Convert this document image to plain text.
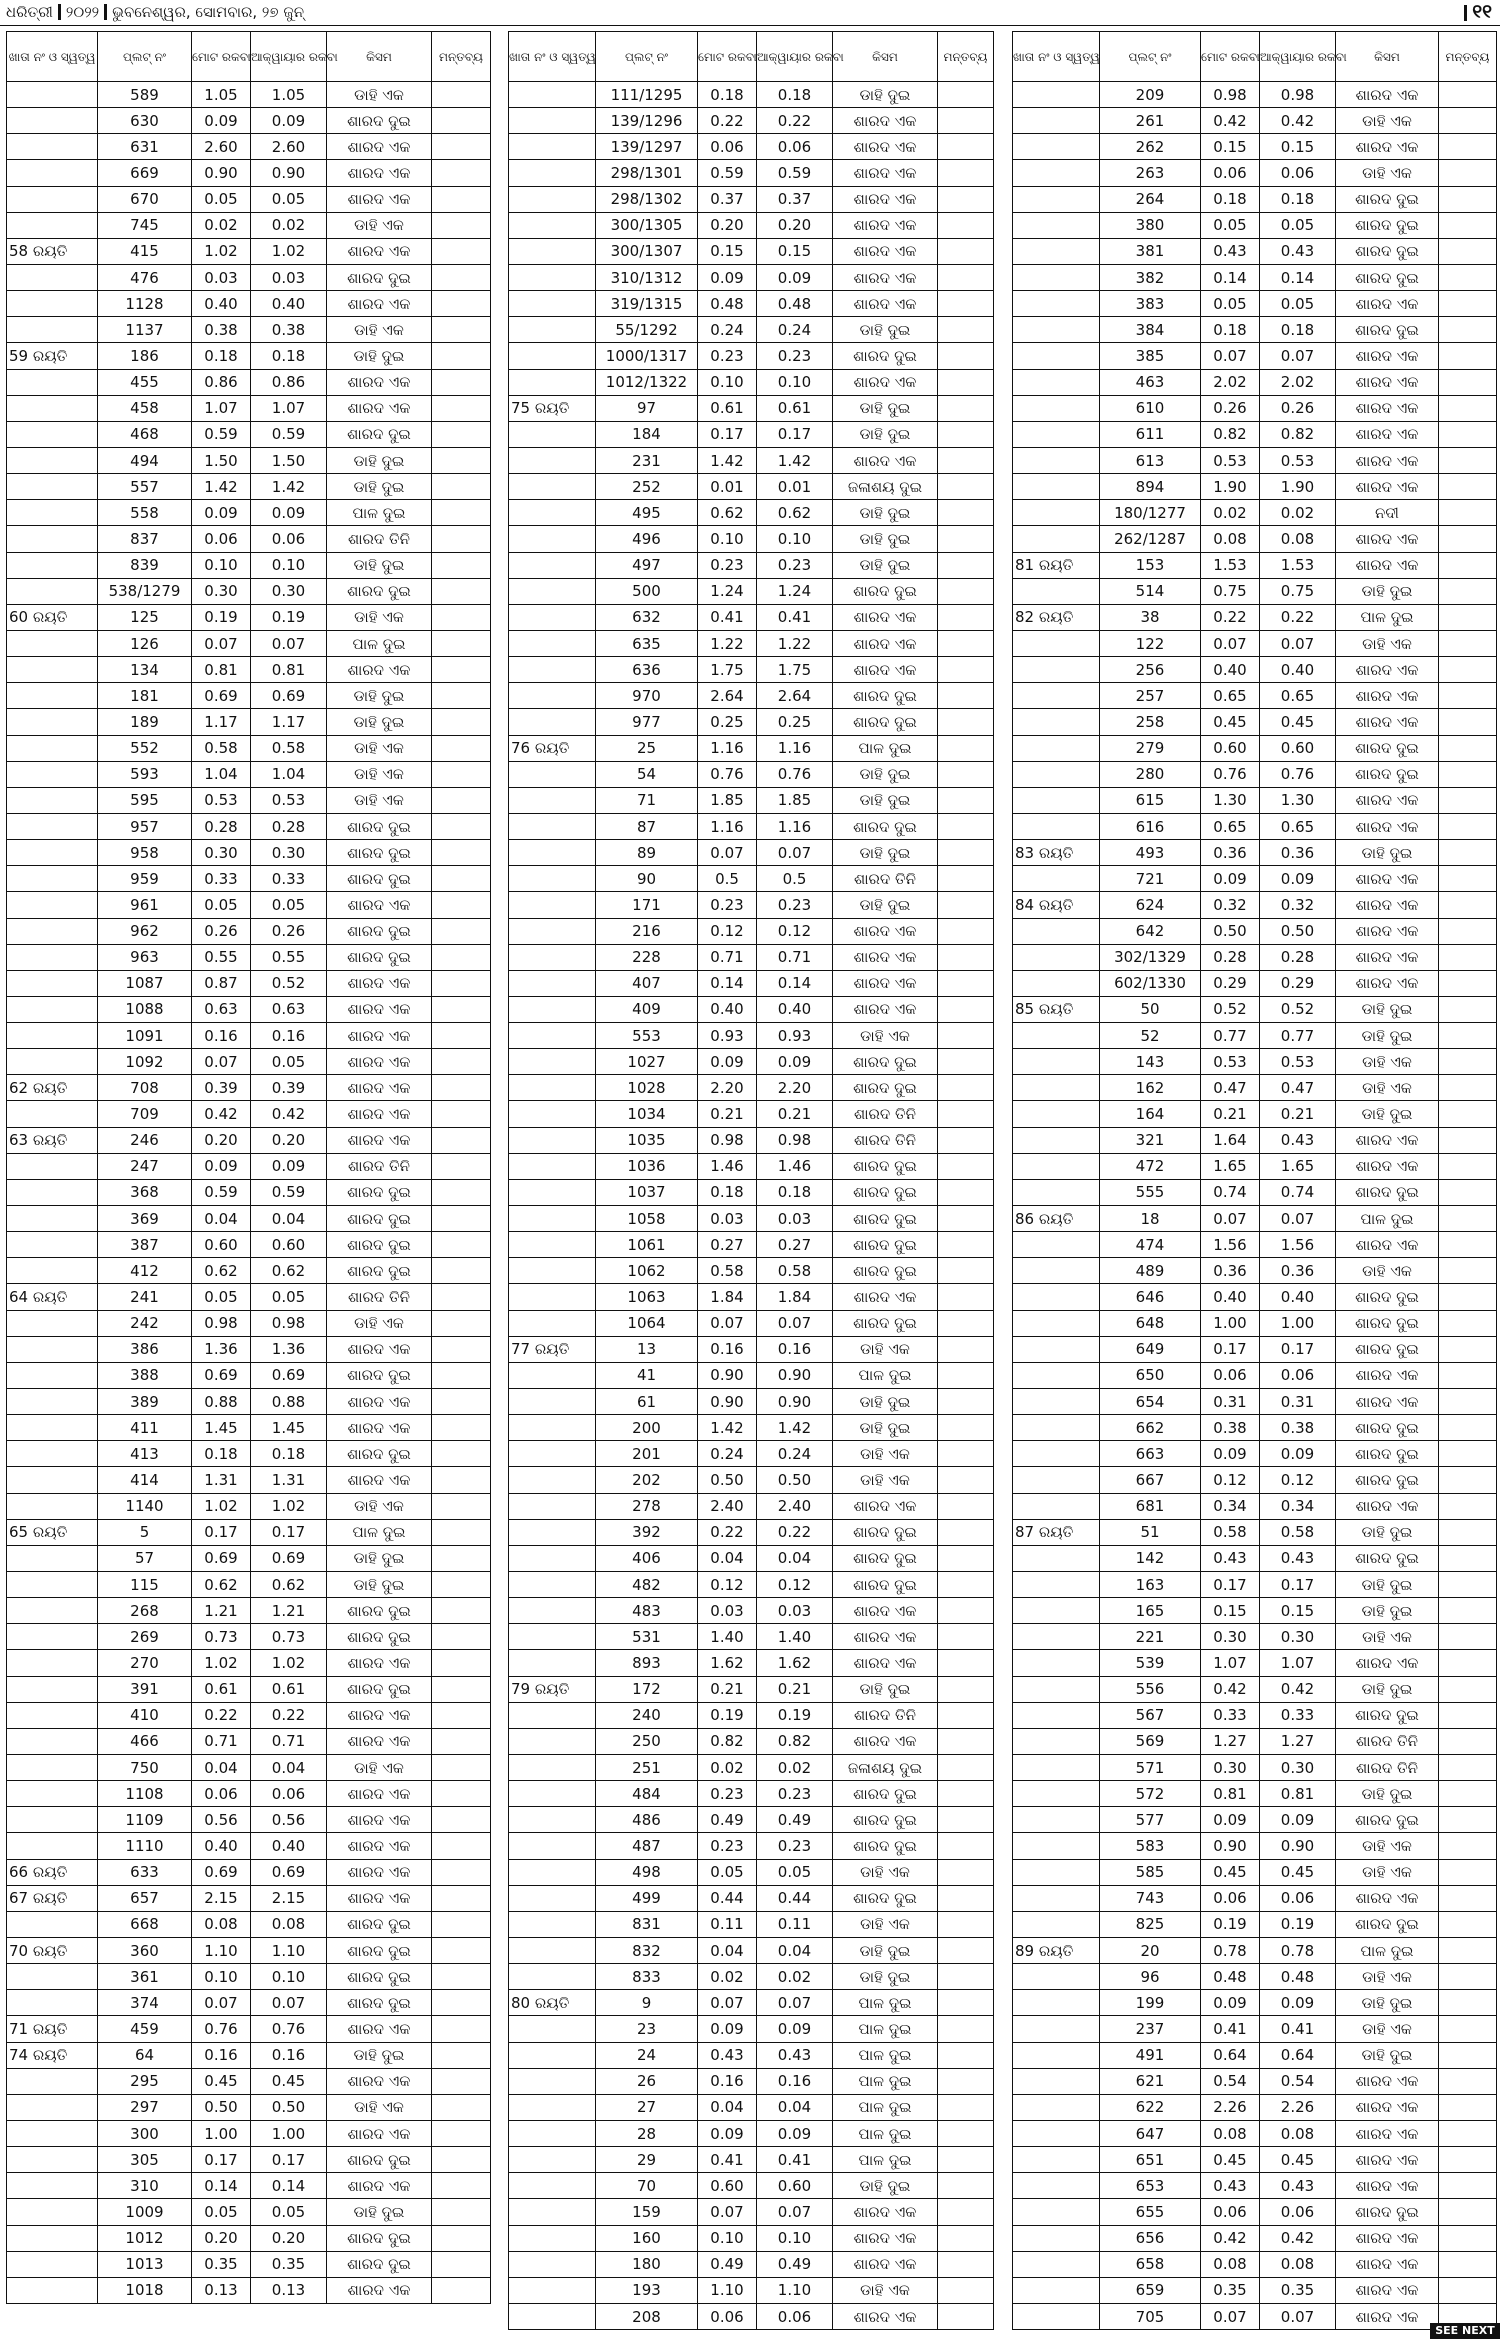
ଧରିତ୍ରୀ ୨୦୨୨ ଭୁବନେଶ୍ୱର, ସୋମବାର, ୨୭ ଜୁନ୍	୧୧
ଖାତା ନଂ ଓ ସ୍ୱତ୍ୱ	ପ୍ଲଟ୍ ନଂ	ମୋଟ ରକବା	ଆକ୍ୱାୟାର ରକବା	କିସମ	ମନ୍ତବ୍ୟ
	589	1.05	1.05	ଡାହି ଏକ	
	630	0.09	0.09	ଶାରଦ ଦୁଇ	
	631	2.60	2.60	ଶାରଦ ଏକ	
	669	0.90	0.90	ଶାରଦ ଏକ	
	670	0.05	0.05	ଶାରଦ ଏକ	
	745	0.02	0.02	ଡାହି ଏକ	
58 ରୟତି	415	1.02	1.02	ଶାରଦ ଏକ	
	476	0.03	0.03	ଶାରଦ ଦୁଇ	
	1128	0.40	0.40	ଶାରଦ ଏକ	
	1137	0.38	0.38	ଡାହି ଏକ	
59 ରୟତି	186	0.18	0.18	ଡାହି ଦୁଇ	
	455	0.86	0.86	ଶାରଦ ଏକ	
	458	1.07	1.07	ଶାରଦ ଏକ	
	468	0.59	0.59	ଶାରଦ ଦୁଇ	
	494	1.50	1.50	ଡାହି ଦୁଇ	
	557	1.42	1.42	ଡାହି ଦୁଇ	
	558	0.09	0.09	ପାଳ ଦୁଇ	
	837	0.06	0.06	ଶାରଦ ତିନି	
	839	0.10	0.10	ଡାହି ଦୁଇ	
	538/1279	0.30	0.30	ଶାରଦ ଦୁଇ	
60 ରୟତି	125	0.19	0.19	ଡାହି ଏକ	
	126	0.07	0.07	ପାଳ ଦୁଇ	
	134	0.81	0.81	ଶାରଦ ଏକ	
	181	0.69	0.69	ଡାହି ଦୁଇ	
	189	1.17	1.17	ଡାହି ଦୁଇ	
	552	0.58	0.58	ଡାହି ଏକ	
	593	1.04	1.04	ଡାହି ଏକ	
	595	0.53	0.53	ଡାହି ଏକ	
	957	0.28	0.28	ଶାରଦ ଦୁଇ	
	958	0.30	0.30	ଶାରଦ ଦୁଇ	
	959	0.33	0.33	ଶାରଦ ଦୁଇ	
	961	0.05	0.05	ଶାରଦ ଏକ	
	962	0.26	0.26	ଶାରଦ ଦୁଇ	
	963	0.55	0.55	ଶାରଦ ଦୁଇ	
	1087	0.87	0.52	ଶାରଦ ଏକ	
	1088	0.63	0.63	ଶାରଦ ଏକ	
	1091	0.16	0.16	ଶାରଦ ଏକ	
	1092	0.07	0.05	ଶାରଦ ଏକ	
62 ରୟତି	708	0.39	0.39	ଶାରଦ ଏକ	
	709	0.42	0.42	ଶାରଦ ଏକ	
63 ରୟତି	246	0.20	0.20	ଶାରଦ ଏକ	
	247	0.09	0.09	ଶାରଦ ତିନି	
	368	0.59	0.59	ଶାରଦ ଦୁଇ	
	369	0.04	0.04	ଶାରଦ ଦୁଇ	
	387	0.60	0.60	ଶାରଦ ଦୁଇ	
	412	0.62	0.62	ଶାରଦ ଦୁଇ	
64 ରୟତି	241	0.05	0.05	ଶାରଦ ତିନି	
	242	0.98	0.98	ଡାହି ଏକ	
	386	1.36	1.36	ଶାରଦ ଏକ	
	388	0.69	0.69	ଶାରଦ ଦୁଇ	
	389	0.88	0.88	ଶାରଦ ଏକ	
	411	1.45	1.45	ଶାରଦ ଏକ	
	413	0.18	0.18	ଶାରଦ ଦୁଇ	
	414	1.31	1.31	ଶାରଦ ଏକ	
	1140	1.02	1.02	ଡାହି ଏକ	
65 ରୟତି	5	0.17	0.17	ପାଳ ଦୁଇ	
	57	0.69	0.69	ଡାହି ଦୁଇ	
	115	0.62	0.62	ଡାହି ଦୁଇ	
	268	1.21	1.21	ଶାରଦ ଦୁଇ	
	269	0.73	0.73	ଶାରଦ ଦୁଇ	
	270	1.02	1.02	ଶାରଦ ଏକ	
	391	0.61	0.61	ଶାରଦ ଦୁଇ	
	410	0.22	0.22	ଶାରଦ ଏକ	
	466	0.71	0.71	ଶାରଦ ଏକ	
	750	0.04	0.04	ଡାହି ଏକ	
	1108	0.06	0.06	ଶାରଦ ଏକ	
	1109	0.56	0.56	ଶାରଦ ଏକ	
	1110	0.40	0.40	ଶାରଦ ଏକ	
66 ରୟତି	633	0.69	0.69	ଶାରଦ ଏକ	
67 ରୟତି	657	2.15	2.15	ଶାରଦ ଏକ	
	668	0.08	0.08	ଶାରଦ ଦୁଇ	
70 ରୟତି	360	1.10	1.10	ଶାରଦ ଦୁଇ	
	361	0.10	0.10	ଶାରଦ ଦୁଇ	
	374	0.07	0.07	ଶାରଦ ଦୁଇ	
71 ରୟତି	459	0.76	0.76	ଶାରଦ ଏକ	
74 ରୟତି	64	0.16	0.16	ଡାହି ଦୁଇ	
	295	0.45	0.45	ଶାରଦ ଏକ	
	297	0.50	0.50	ଡାହି ଏକ	
	300	1.00	1.00	ଶାରଦ ଏକ	
	305	0.17	0.17	ଶାରଦ ଦୁଇ	
	310	0.14	0.14	ଶାରଦ ଏକ	
	1009	0.05	0.05	ଡାହି ଦୁଇ	
	1012	0.20	0.20	ଶାରଦ ଦୁଇ	
	1013	0.35	0.35	ଶାରଦ ଦୁଇ	
	1018	0.13	0.13	ଶାରଦ ଏକ	
ଖାତା ନଂ ଓ ସ୍ୱତ୍ୱ	ପ୍ଲଟ୍ ନଂ	ମୋଟ ରକବା	ଆକ୍ୱାୟାର ରକବା	କିସମ	ମନ୍ତବ୍ୟ
	111/1295	0.18	0.18	ଡାହି ଦୁଇ	
	139/1296	0.22	0.22	ଶାରଦ ଏକ	
	139/1297	0.06	0.06	ଶାରଦ ଏକ	
	298/1301	0.59	0.59	ଶାରଦ ଏକ	
	298/1302	0.37	0.37	ଶାରଦ ଏକ	
	300/1305	0.20	0.20	ଶାରଦ ଏକ	
	300/1307	0.15	0.15	ଶାରଦ ଏକ	
	310/1312	0.09	0.09	ଶାରଦ ଏକ	
	319/1315	0.48	0.48	ଶାରଦ ଏକ	
	55/1292	0.24	0.24	ଡାହି ଦୁଇ	
	1000/1317	0.23	0.23	ଶାରଦ ଦୁଇ	
	1012/1322	0.10	0.10	ଶାରଦ ଏକ	
75 ରୟତି	97	0.61	0.61	ଡାହି ଦୁଇ	
	184	0.17	0.17	ଡାହି ଦୁଇ	
	231	1.42	1.42	ଶାରଦ ଏକ	
	252	0.01	0.01	ଜଳାଶୟ ଦୁଇ	
	495	0.62	0.62	ଡାହି ଦୁଇ	
	496	0.10	0.10	ଡାହି ଦୁଇ	
	497	0.23	0.23	ଡାହି ଦୁଇ	
	500	1.24	1.24	ଶାରଦ ଦୁଇ	
	632	0.41	0.41	ଶାରଦ ଏକ	
	635	1.22	1.22	ଶାରଦ ଏକ	
	636	1.75	1.75	ଶାରଦ ଏକ	
	970	2.64	2.64	ଶାରଦ ଦୁଇ	
	977	0.25	0.25	ଶାରଦ ଦୁଇ	
76 ରୟତି	25	1.16	1.16	ପାଳ ଦୁଇ	
	54	0.76	0.76	ଡାହି ଦୁଇ	
	71	1.85	1.85	ଡାହି ଦୁଇ	
	87	1.16	1.16	ଶାରଦ ଦୁଇ	
	89	0.07	0.07	ଡାହି ଦୁଇ	
	90	0.5	0.5	ଶାରଦ ତିନି	
	171	0.23	0.23	ଡାହି ଦୁଇ	
	216	0.12	0.12	ଶାରଦ ଏକ	
	228	0.71	0.71	ଶାରଦ ଏକ	
	407	0.14	0.14	ଶାରଦ ଏକ	
	409	0.40	0.40	ଶାରଦ ଏକ	
	553	0.93	0.93	ଡାହି ଏକ	
	1027	0.09	0.09	ଶାରଦ ଦୁଇ	
	1028	2.20	2.20	ଶାରଦ ଦୁଇ	
	1034	0.21	0.21	ଶାରଦ ତିନି	
	1035	0.98	0.98	ଶାରଦ ତିନି	
	1036	1.46	1.46	ଶାରଦ ଦୁଇ	
	1037	0.18	0.18	ଶାରଦ ଦୁଇ	
	1058	0.03	0.03	ଶାରଦ ଦୁଇ	
	1061	0.27	0.27	ଶାରଦ ଦୁଇ	
	1062	0.58	0.58	ଶାରଦ ଦୁଇ	
	1063	1.84	1.84	ଶାରଦ ଏକ	
	1064	0.07	0.07	ଶାରଦ ଦୁଇ	
77 ରୟତି	13	0.16	0.16	ଡାହି ଏକ	
	41	0.90	0.90	ପାଳ ଦୁଇ	
	61	0.90	0.90	ଡାହି ଦୁଇ	
	200	1.42	1.42	ଡାହି ଦୁଇ	
	201	0.24	0.24	ଡାହି ଏକ	
	202	0.50	0.50	ଡାହି ଏକ	
	278	2.40	2.40	ଶାରଦ ଏକ	
	392	0.22	0.22	ଶାରଦ ଦୁଇ	
	406	0.04	0.04	ଶାରଦ ଦୁଇ	
	482	0.12	0.12	ଶାରଦ ଦୁଇ	
	483	0.03	0.03	ଶାରଦ ଏକ	
	531	1.40	1.40	ଶାରଦ ଏକ	
	893	1.62	1.62	ଶାରଦ ଏକ	
79 ରୟତି	172	0.21	0.21	ଡାହି ଦୁଇ	
	240	0.19	0.19	ଶାରଦ ତିନି	
	250	0.82	0.82	ଶାରଦ ଏକ	
	251	0.02	0.02	ଜଳାଶୟ ଦୁଇ	
	484	0.23	0.23	ଶାରଦ ଦୁଇ	
	486	0.49	0.49	ଶାରଦ ଦୁଇ	
	487	0.23	0.23	ଶାରଦ ଦୁଇ	
	498	0.05	0.05	ଡାହି ଏକ	
	499	0.44	0.44	ଶାରଦ ଦୁଇ	
	831	0.11	0.11	ଡାହି ଏକ	
	832	0.04	0.04	ଡାହି ଦୁଇ	
	833	0.02	0.02	ଡାହି ଦୁଇ	
80 ରୟତି	9	0.07	0.07	ପାଳ ଦୁଇ	
	23	0.09	0.09	ପାଳ ଦୁଇ	
	24	0.43	0.43	ପାଳ ଦୁଇ	
	26	0.16	0.16	ପାଳ ଦୁଇ	
	27	0.04	0.04	ପାଳ ଦୁଇ	
	28	0.09	0.09	ପାଳ ଦୁଇ	
	29	0.41	0.41	ପାଳ ଦୁଇ	
	70	0.60	0.60	ଡାହି ଦୁଇ	
	159	0.07	0.07	ଶାରଦ ଏକ	
	160	0.10	0.10	ଶାରଦ ଏକ	
	180	0.49	0.49	ଶାରଦ ଏକ	
	193	1.10	1.10	ଡାହି ଏକ	
	208	0.06	0.06	ଶାରଦ ଏକ	
ଖାତା ନଂ ଓ ସ୍ୱତ୍ୱ	ପ୍ଲଟ୍ ନଂ	ମୋଟ ରକବା	ଆକ୍ୱାୟାର ରକବା	କିସମ	ମନ୍ତବ୍ୟ
	209	0.98	0.98	ଶାରଦ ଏକ	
	261	0.42	0.42	ଡାହି ଏକ	
	262	0.15	0.15	ଶାରଦ ଏକ	
	263	0.06	0.06	ଡାହି ଏକ	
	264	0.18	0.18	ଶାରଦ ଦୁଇ	
	380	0.05	0.05	ଶାରଦ ଦୁଇ	
	381	0.43	0.43	ଶାରଦ ଦୁଇ	
	382	0.14	0.14	ଶାରଦ ଦୁଇ	
	383	0.05	0.05	ଶାରଦ ଏକ	
	384	0.18	0.18	ଶାରଦ ଦୁଇ	
	385	0.07	0.07	ଶାରଦ ଏକ	
	463	2.02	2.02	ଶାରଦ ଏକ	
	610	0.26	0.26	ଶାରଦ ଏକ	
	611	0.82	0.82	ଶାରଦ ଏକ	
	613	0.53	0.53	ଶାରଦ ଏକ	
	894	1.90	1.90	ଶାରଦ ଏକ	
	180/1277	0.02	0.02	ନଦୀ	
	262/1287	0.08	0.08	ଶାରଦ ଏକ	
81 ରୟତି	153	1.53	1.53	ଶାରଦ ଏକ	
	514	0.75	0.75	ଡାହି ଦୁଇ	
82 ରୟତି	38	0.22	0.22	ପାଳ ଦୁଇ	
	122	0.07	0.07	ଡାହି ଏକ	
	256	0.40	0.40	ଶାରଦ ଏକ	
	257	0.65	0.65	ଶାରଦ ଏକ	
	258	0.45	0.45	ଶାରଦ ଏକ	
	279	0.60	0.60	ଶାରଦ ଦୁଇ	
	280	0.76	0.76	ଶାରଦ ଦୁଇ	
	615	1.30	1.30	ଶାରଦ ଏକ	
	616	0.65	0.65	ଶାରଦ ଏକ	
83 ରୟତି	493	0.36	0.36	ଡାହି ଦୁଇ	
	721	0.09	0.09	ଶାରଦ ଏକ	
84 ରୟତି	624	0.32	0.32	ଶାରଦ ଏକ	
	642	0.50	0.50	ଶାରଦ ଏକ	
	302/1329	0.28	0.28	ଶାରଦ ଏକ	
	602/1330	0.29	0.29	ଶାରଦ ଏକ	
85 ରୟତି	50	0.52	0.52	ଡାହି ଦୁଇ	
	52	0.77	0.77	ଡାହି ଦୁଇ	
	143	0.53	0.53	ଡାହି ଏକ	
	162	0.47	0.47	ଡାହି ଏକ	
	164	0.21	0.21	ଡାହି ଦୁଇ	
	321	1.64	0.43	ଶାରଦ ଏକ	
	472	1.65	1.65	ଶାରଦ ଏକ	
	555	0.74	0.74	ଶାରଦ ଦୁଇ	
86 ରୟତି	18	0.07	0.07	ପାଳ ଦୁଇ	
	474	1.56	1.56	ଶାରଦ ଏକ	
	489	0.36	0.36	ଡାହି ଏକ	
	646	0.40	0.40	ଶାରଦ ଦୁଇ	
	648	1.00	1.00	ଶାରଦ ଦୁଇ	
	649	0.17	0.17	ଶାରଦ ଦୁଇ	
	650	0.06	0.06	ଶାରଦ ଏକ	
	654	0.31	0.31	ଶାରଦ ଏକ	
	662	0.38	0.38	ଶାରଦ ଦୁଇ	
	663	0.09	0.09	ଶାରଦ ଦୁଇ	
	667	0.12	0.12	ଶାରଦ ଦୁଇ	
	681	0.34	0.34	ଶାରଦ ଏକ	
87 ରୟତି	51	0.58	0.58	ଡାହି ଦୁଇ	
	142	0.43	0.43	ଶାରଦ ଦୁଇ	
	163	0.17	0.17	ଡାହି ଦୁଇ	
	165	0.15	0.15	ଡାହି ଦୁଇ	
	221	0.30	0.30	ଡାହି ଏକ	
	539	1.07	1.07	ଶାରଦ ଏକ	
	556	0.42	0.42	ଡାହି ଦୁଇ	
	567	0.33	0.33	ଶାରଦ ଦୁଇ	
	569	1.27	1.27	ଶାରଦ ତିନି	
	571	0.30	0.30	ଶାରଦ ତିନି	
	572	0.81	0.81	ଡାହି ଦୁଇ	
	577	0.09	0.09	ଶାରଦ ଦୁଇ	
	583	0.90	0.90	ଡାହି ଏକ	
	585	0.45	0.45	ଡାହି ଏକ	
	743	0.06	0.06	ଶାରଦ ଏକ	
	825	0.19	0.19	ଶାରଦ ଦୁଇ	
89 ରୟତି	20	0.78	0.78	ପାଳ ଦୁଇ	
	96	0.48	0.48	ଡାହି ଏକ	
	199	0.09	0.09	ଡାହି ଦୁଇ	
	237	0.41	0.41	ଡାହି ଏକ	
	491	0.64	0.64	ଡାହି ଦୁଇ	
	621	0.54	0.54	ଶାରଦ ଏକ	
	622	2.26	2.26	ଶାରଦ ଏକ	
	647	0.08	0.08	ଶାରଦ ଏକ	
	651	0.45	0.45	ଶାରଦ ଏକ	
	653	0.43	0.43	ଶାରଦ ଏକ	
	655	0.06	0.06	ଶାରଦ ଦୁଇ	
	656	0.42	0.42	ଶାରଦ ଏକ	
	658	0.08	0.08	ଶାରଦ ଏକ	
	659	0.35	0.35	ଶାରଦ ଏକ	
	705	0.07	0.07	ଶାରଦ ଏକ	
SEE NEXT
